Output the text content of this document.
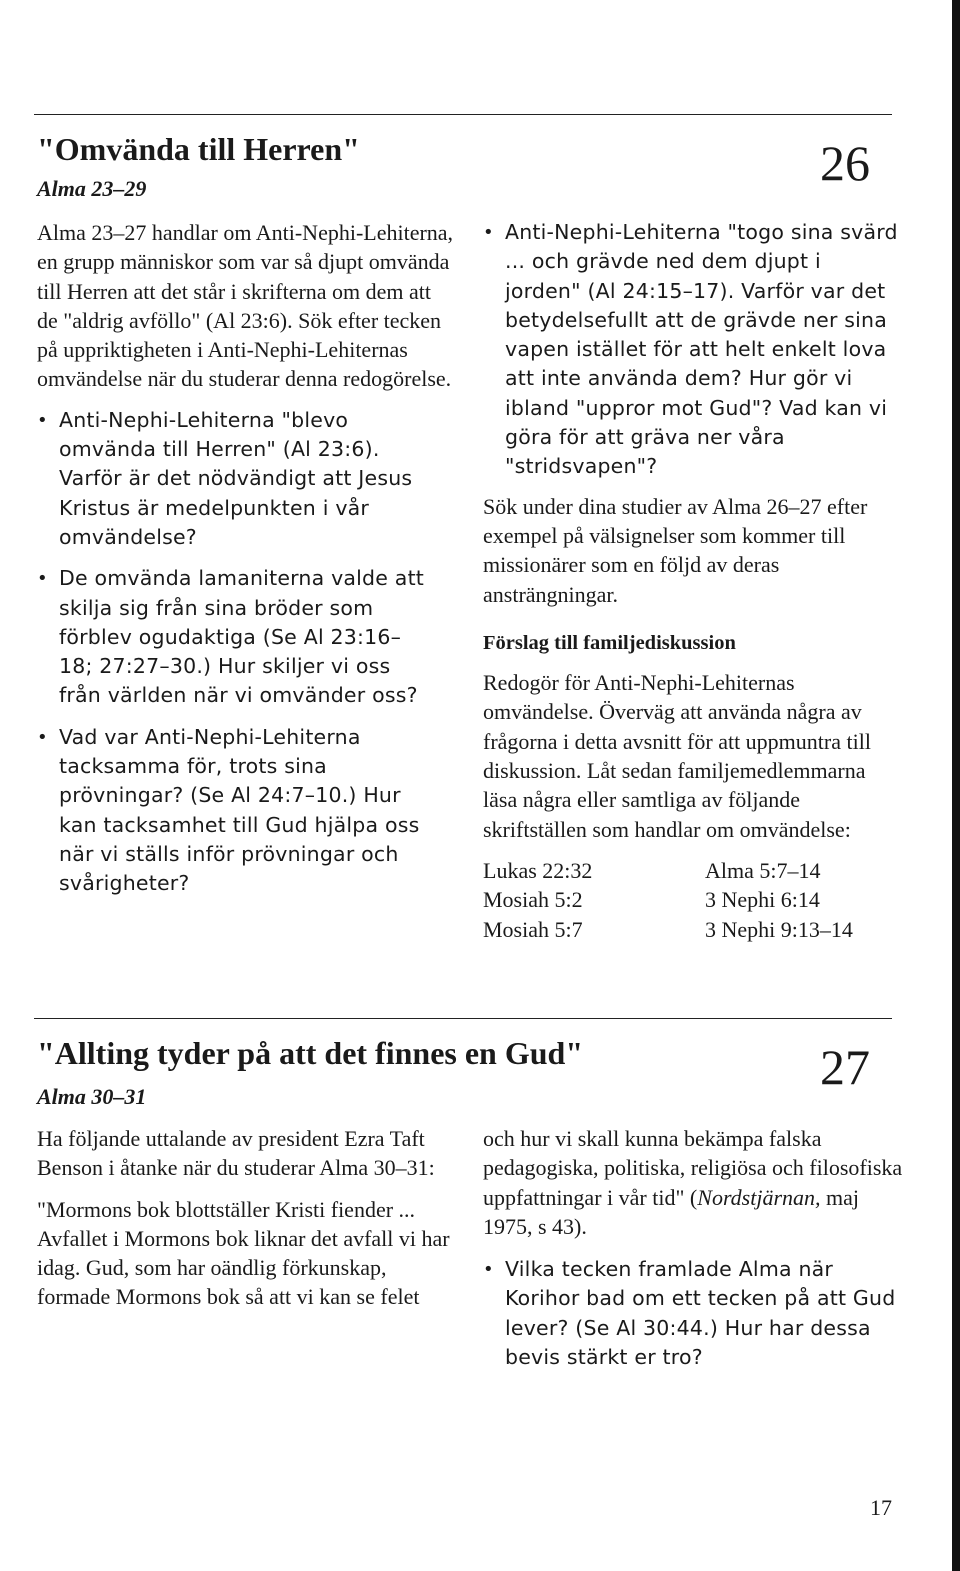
"Omvända till Herren"
Alma 23–29	26

Alma 23–27 handlar om Anti-Nephi-Lehiterna, en grupp människor som var så djupt omvända till Herren att det står i skrifterna om dem att de "aldrig avföllo" (Al 23:6). Sök efter tecken på uppriktigheten i Anti-Nephi-Lehiternas omvändelse när du studerar denna redogörelse.

• Anti-Nephi-Lehiterna "blevo omvända till Herren" (Al 23:6). Varför är det nödvändigt att Jesus Kristus är medelpunkten i vår omvändelse?
• De omvända lamaniterna valde att skilja sig från sina bröder som förblev ogudaktiga (Se Al 23:16–18; 27:27–30.) Hur skiljer vi oss från världen när vi omvänder oss?
• Vad var Anti-Nephi-Lehiterna tacksamma för, trots sina prövningar? (Se Al 24:7–10.) Hur kan tacksamhet till Gud hjälpa oss när vi ställs inför prövningar och svårigheter?
• Anti-Nephi-Lehiterna "togo sina svärd ... och grävde ned dem djupt i jorden" (Al 24:15–17). Varför var det betydelsefullt att de grävde ner sina vapen istället för att helt enkelt lova att inte använda dem? Hur gör vi ibland "uppror mot Gud"? Vad kan vi göra för att gräva ner våra "stridsvapen"?

Sök under dina studier av Alma 26–27 efter exempel på välsignelser som kommer till missionärer som en följd av deras ansträngningar.

Förslag till familjediskussion

Redogör för Anti-Nephi-Lehiternas omvändelse. Överväg att använda några av frågorna i detta avsnitt för att uppmuntra till diskussion. Låt sedan familjemedlemmarna läsa några eller samtliga av följande skriftställen som handlar om omvändelse:

Lukas 22:32	Alma 5:7–14
Mosiah 5:2	3 Nephi 6:14
Mosiah 5:7	3 Nephi 9:13–14
"Allting tyder på att det finnes en Gud"
Alma 30–31
27

Ha följande uttalande av president Ezra Taft Benson i åtanke när du studerar Alma 30–31:

"Mormons bok blottställer Kristi fiender ... Avfallet i Mormons bok liknar det avfall vi har idag. Gud, som har oändlig förkunskap, formade Mormons bok så att vi kan se felet

och hur vi skall kunna bekämpa falska pedagogiska, politiska, religiösa och filosofiska uppfattningar i vår tid" (Nordstjärnan, maj 1975, s 43).

• Vilka tecken framlade Alma när Korihor bad om ett tecken på att Gud lever? (Se Al 30:44.) Hur har dessa bevis stärkt er tro?
17
